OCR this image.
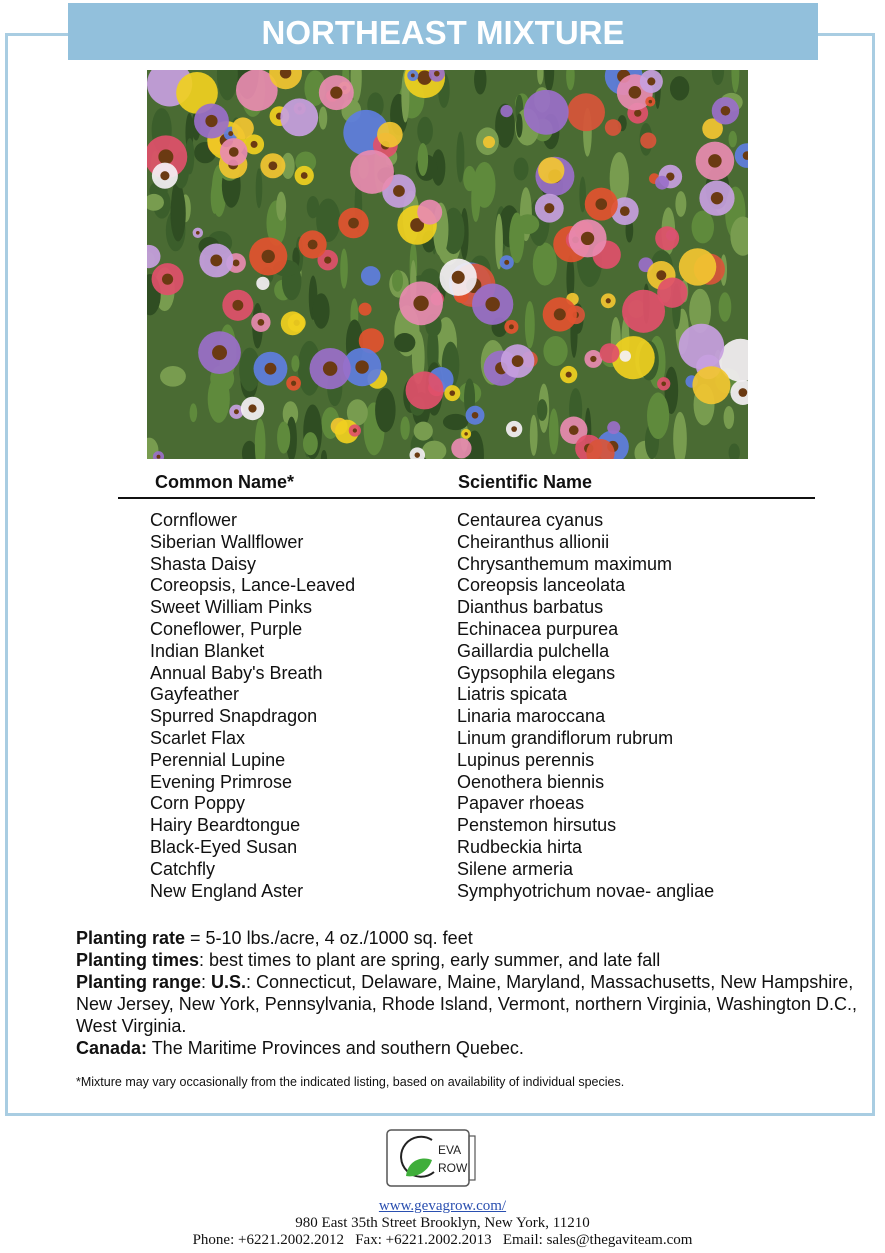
NORTHEAST MIXTURE
Common Name*	Scientific Name
Cornflower
Siberian Wallflower
Shasta Daisy
Coreopsis, Lance-Leaved
Sweet William Pinks
Coneflower, Purple
Indian Blanket
Annual Baby's Breath
Gayfeather
Spurred Snapdragon
Scarlet Flax
Perennial Lupine
Evening Primrose
Corn Poppy
Hairy Beardtongue
Black-Eyed Susan
Catchfly
New England Aster
Centaurea cyanus
Cheiranthus allionii
Chrysanthemum maximum
Coreopsis lanceolata
Dianthus barbatus
Echinacea purpurea
Gaillardia pulchella
Gypsophila elegans
Liatris spicata
Linaria maroccana
Linum grandiflorum rubrum
Lupinus perennis
Oenothera biennis
Papaver rhoeas
Penstemon hirsutus
Rudbeckia hirta
Silene armeria
Symphyotrichum novae- angliae
Planting rate = 5-10 lbs./acre, 4 oz./1000 sq. feet
Planting times: best times to plant are spring, early summer, and late fall
Planting range: U.S.: Connecticut, Delaware, Maine, Maryland, Massachusetts, New Hampshire, New Jersey, New York, Pennsylvania, Rhode Island, Vermont, northern Virginia, Washington D.C., West Virginia.
Canada: The Maritime Provinces and southern Quebec.
*Mixture may vary occasionally from the indicated listing, based on availability of individual species.
EVA
ROW
www.gevagrow.com/
980 East 35th Street Brooklyn, New York, 11210
Phone: +6221.2002.2012   Fax: +6221.2002.2013   Email: sales@thegaviteam.com
